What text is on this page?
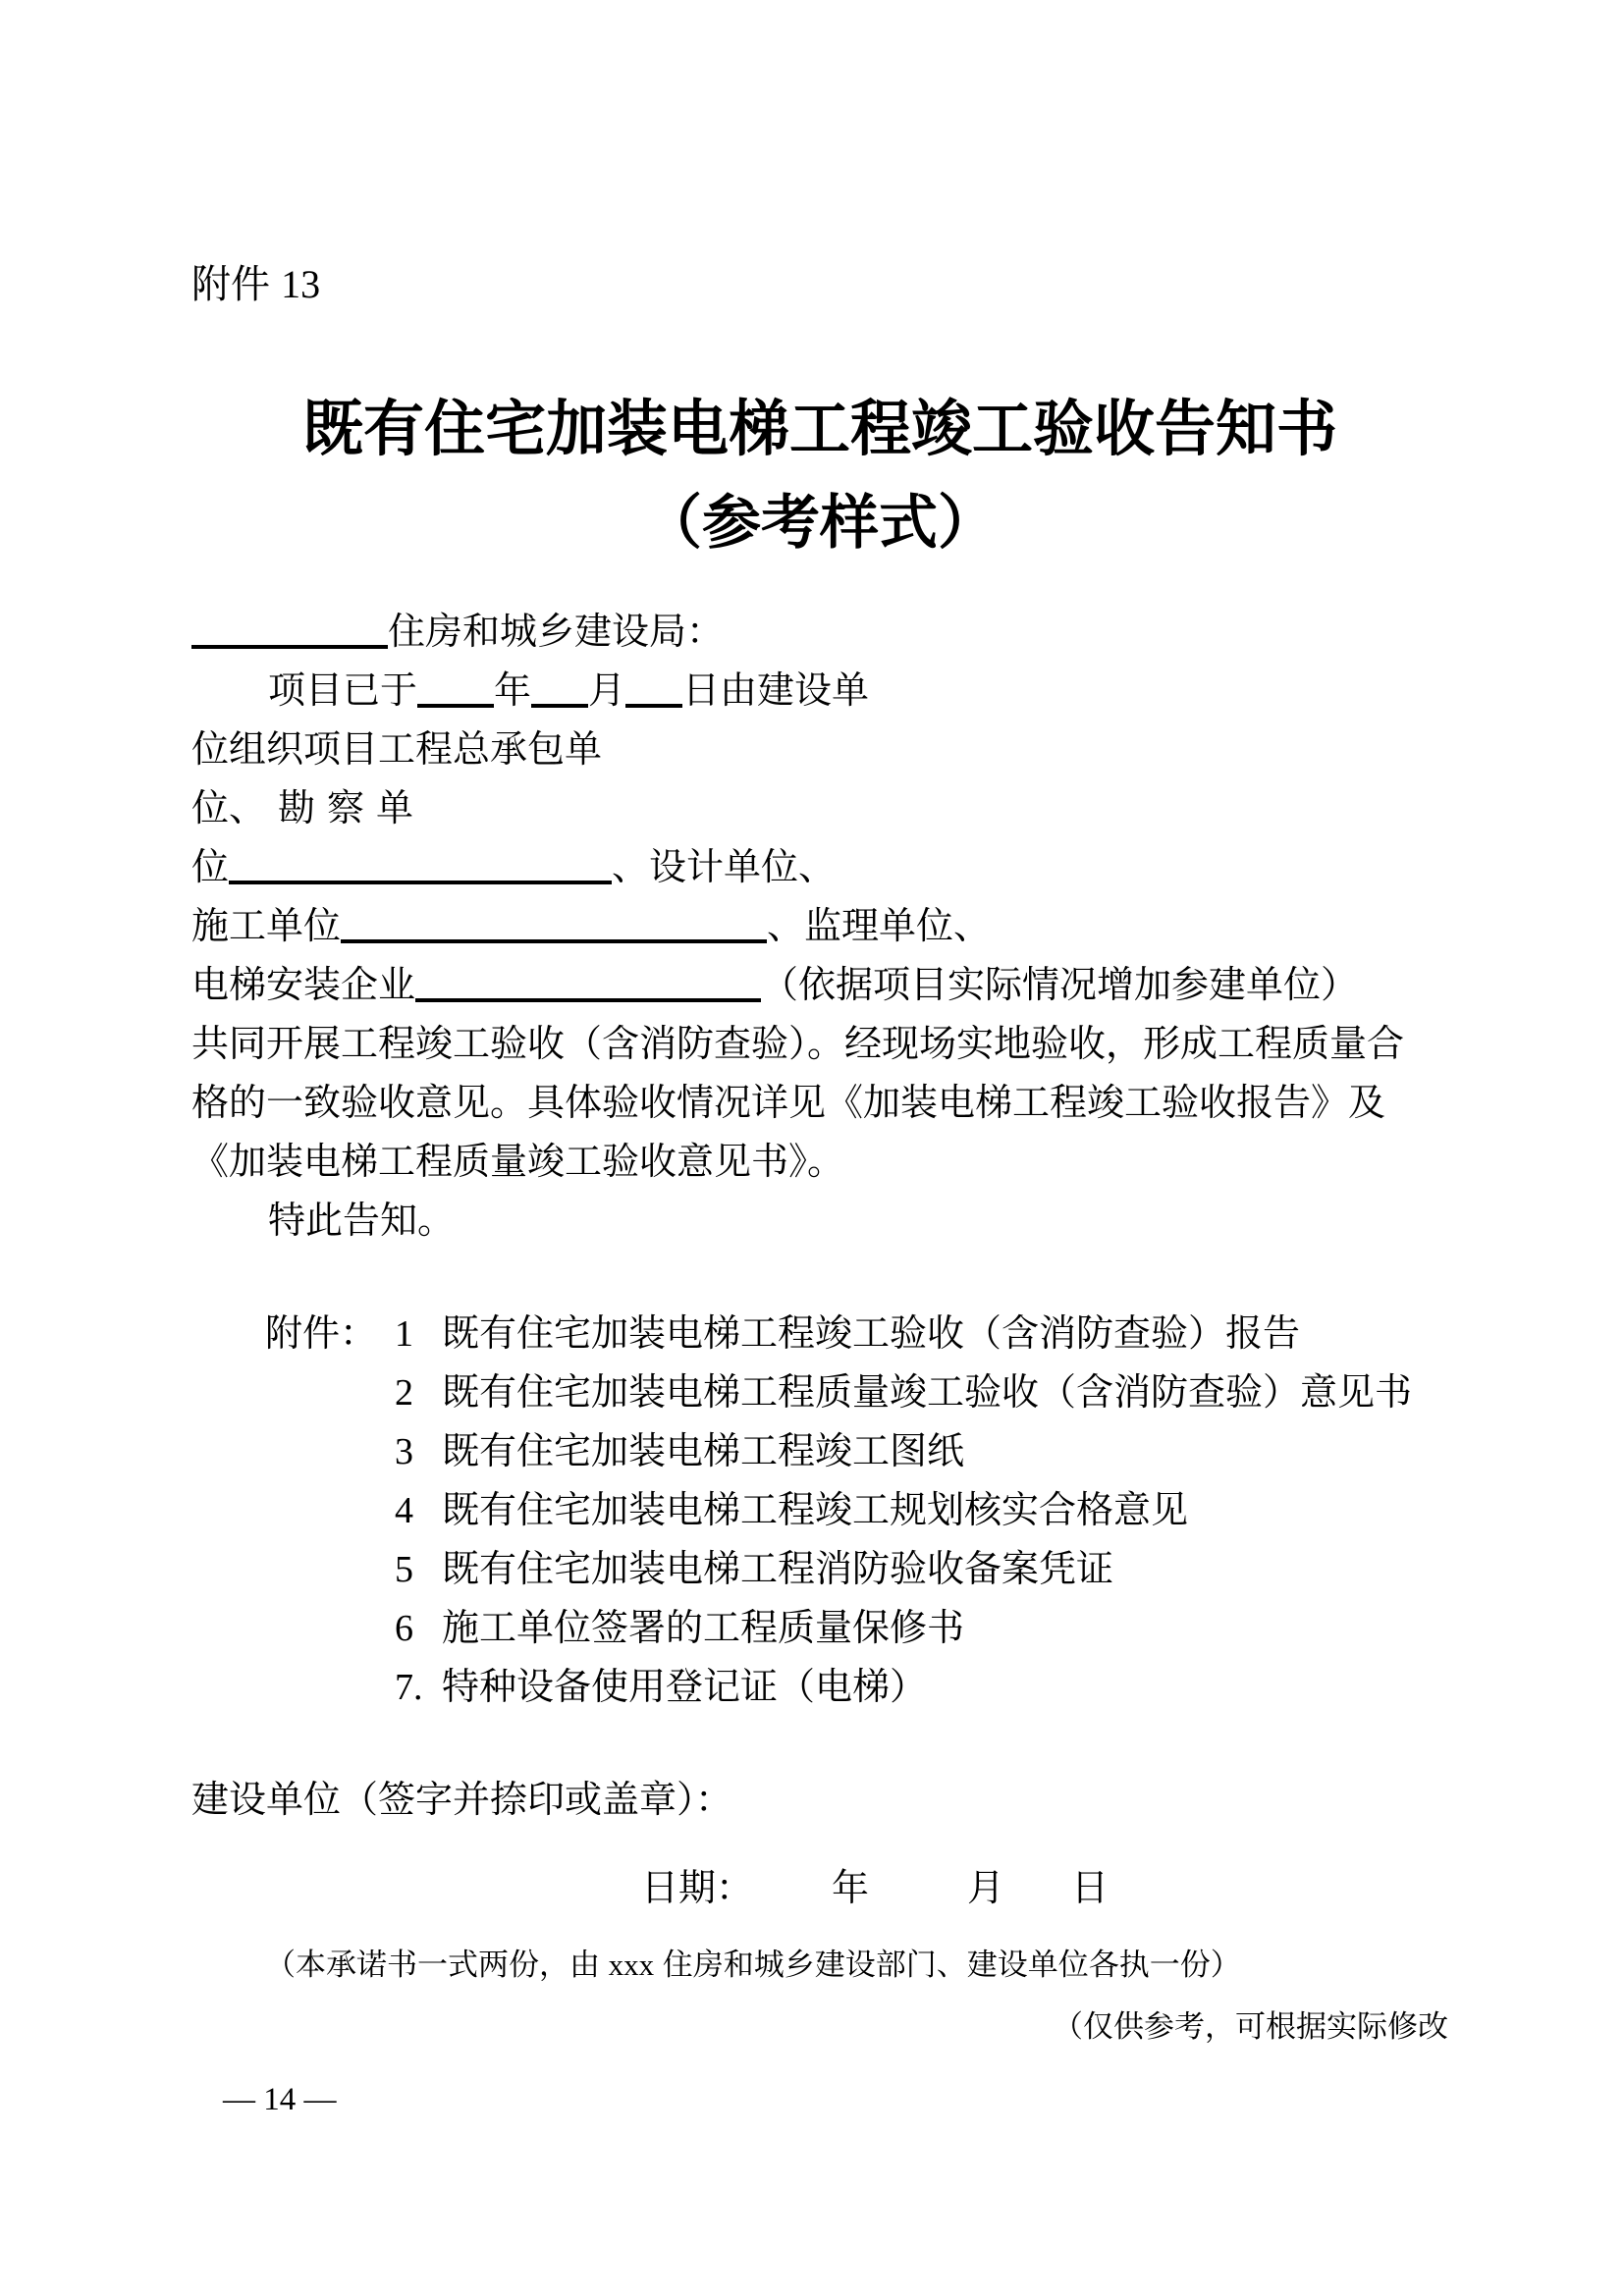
附件 13
既有住宅加装电梯工程竣工验收告知书
（参考样式）
住房和城乡建设局：
项目已于 年 月 日由建设单
位 组织项目工程总承包单
位 、勘察单
位	、设计单位 、
施工单位	、监理单位 、
电梯安装企业	（依据项目实际情况增加参建单位）
共同开展工程竣工验收（含消防查验）。经现场实地验收，形成工程质量合
格的一致验收意见。具体验收情况详见《加装电梯工程竣工验收报告》及
《加装电梯工程质量竣工验收意见书》。
特此告知。
附件： 1 既有住宅加装电梯工程竣工验收（含消防查验）报告
2 既有住宅加装电梯工程质量竣工验收（含消防查验）意见书
3 既有住宅加装电梯工程竣工图纸
4 既有住宅加装电梯工程竣工规划核实合格意见
5 既有住宅加装电梯工程消防验收备案凭证
6 施工单位签署的工程质量保修书
7. 特种设备使用登记证（电梯）
建设单位（签字并捺印或盖章）：
日期： 年	月 日
（本承诺书一式两份，由 xxx 住房和城乡建设部门、建设单位各执一份）
（仅供参考，可根据实际修改
— 14 —
